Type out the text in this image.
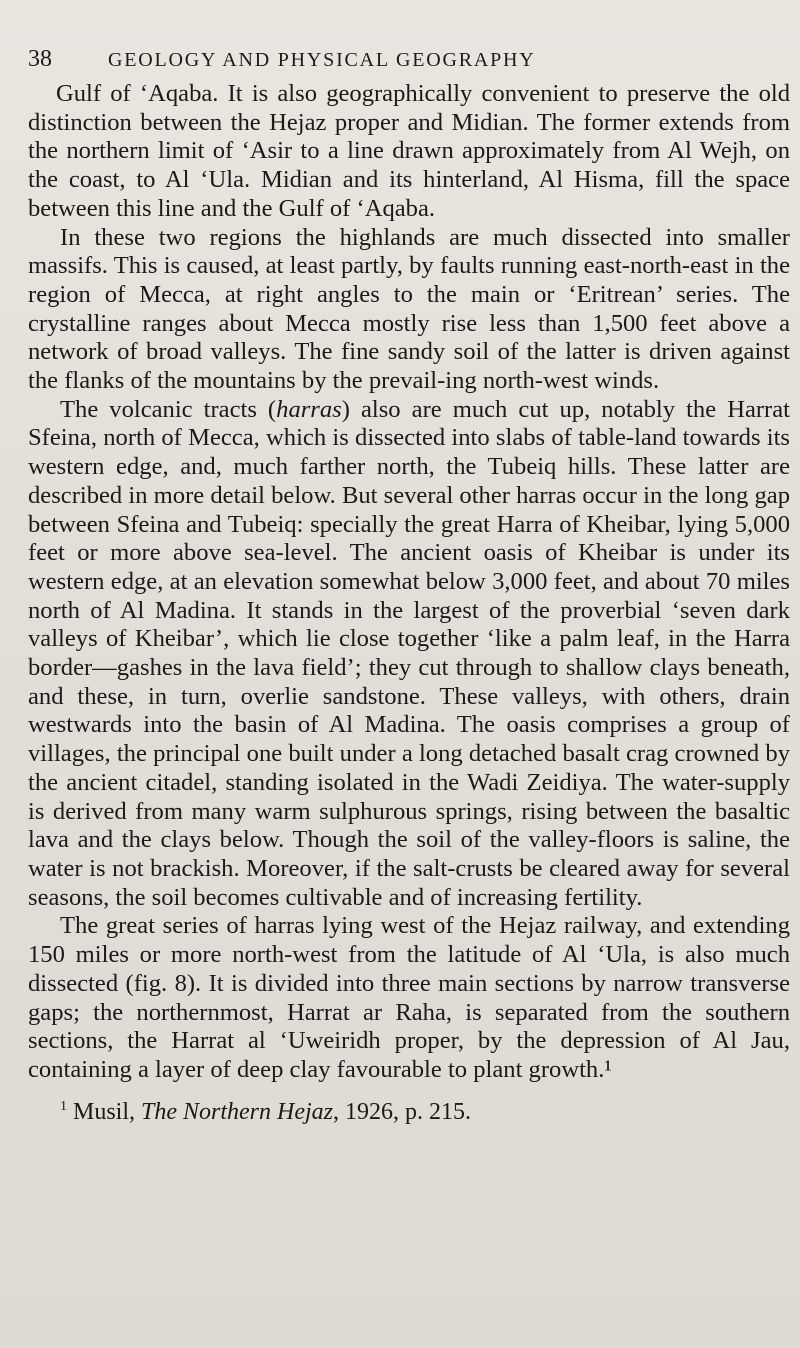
38	GEOLOGY AND PHYSICAL GEOGRAPHY

Gulf of ‘Aqaba. It is also geographically convenient to preserve the old distinction between the Hejaz proper and Midian. The former extends from the northern limit of ‘Asir to a line drawn approximately from Al Wejh, on the coast, to Al ‘Ula. Midian and its hinterland, Al Hisma, fill the space between this line and the Gulf of ‘Aqaba.

In these two regions the highlands are much dissected into smaller massifs. This is caused, at least partly, by faults running east-north-east in the region of Mecca, at right angles to the main or ‘Eritrean’ series. The crystalline ranges about Mecca mostly rise less than 1,500 feet above a network of broad valleys. The fine sandy soil of the latter is driven against the flanks of the mountains by the prevail-ing north-west winds.

The volcanic tracts (harras) also are much cut up, notably the Harrat Sfeina, north of Mecca, which is dissected into slabs of table-land towards its western edge, and, much farther north, the Tubeiq hills. These latter are described in more detail below. But several other harras occur in the long gap between Sfeina and Tubeiq: specially the great Harra of Kheibar, lying 5,000 feet or more above sea-level. The ancient oasis of Kheibar is under its western edge, at an elevation somewhat below 3,000 feet, and about 70 miles north of Al Madina. It stands in the largest of the proverbial ‘seven dark valleys of Kheibar’, which lie close together ‘like a palm leaf, in the Harra border—gashes in the lava field’; they cut through to shallow clays beneath, and these, in turn, overlie sandstone. These valleys, with others, drain westwards into the basin of Al Madina. The oasis comprises a group of villages, the principal one built under a long detached basalt crag crowned by the ancient citadel, standing isolated in the Wadi Zeidiya. The water-supply is derived from many warm sulphurous springs, rising between the basaltic lava and the clays below. Though the soil of the valley-floors is saline, the water is not brackish. Moreover, if the salt-crusts be cleared away for several seasons, the soil becomes cultivable and of increasing fertility.

The great series of harras lying west of the Hejaz railway, and extending 150 miles or more north-west from the latitude of Al ‘Ula, is also much dissected (fig. 8). It is divided into three main sections by narrow transverse gaps; the northernmost, Harrat ar Raha, is separated from the southern sections, the Harrat al ‘Uweiridh proper, by the depression of Al Jau, containing a layer of deep clay favourable to plant growth.¹

$^1$ Musil, The Northern Hejaz, 1926, p. 215.
